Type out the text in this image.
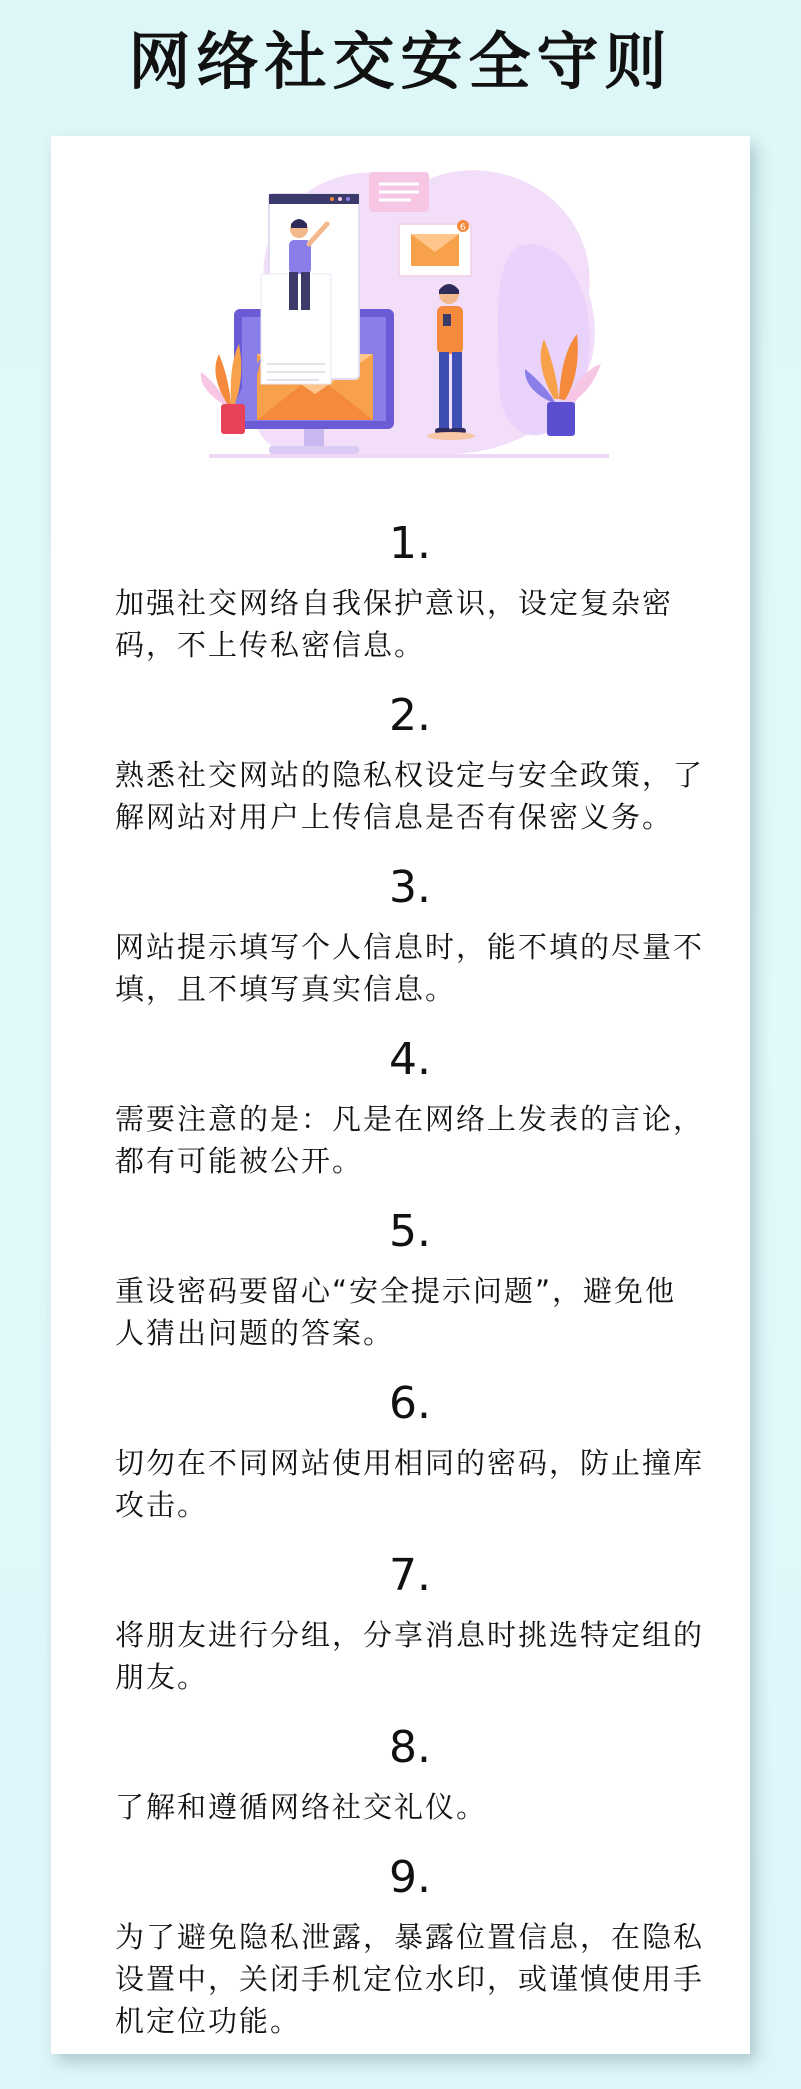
网络社交安全守则
6
1.
加强社交网络自我保护意识，设定复杂密码，不上传私密信息。
2.
熟悉社交网站的隐私权设定与安全政策，了解网站对用户上传信息是否有保密义务。
3.
网站提示填写个人信息时，能不填的尽量不填，且不填写真实信息。
4.
需要注意的是：凡是在网络上发表的言论，都有可能被公开。
5.
重设密码要留心“安全提示问题”，避免他人猜出问题的答案。
6.
切勿在不同网站使用相同的密码，防止撞库攻击。
7.
将朋友进行分组，分享消息时挑选特定组的朋友。
8.
了解和遵循网络社交礼仪。
9.
为了避免隐私泄露，暴露位置信息，在隐私设置中，关闭手机定位水印，或谨慎使用手机定位功能。
